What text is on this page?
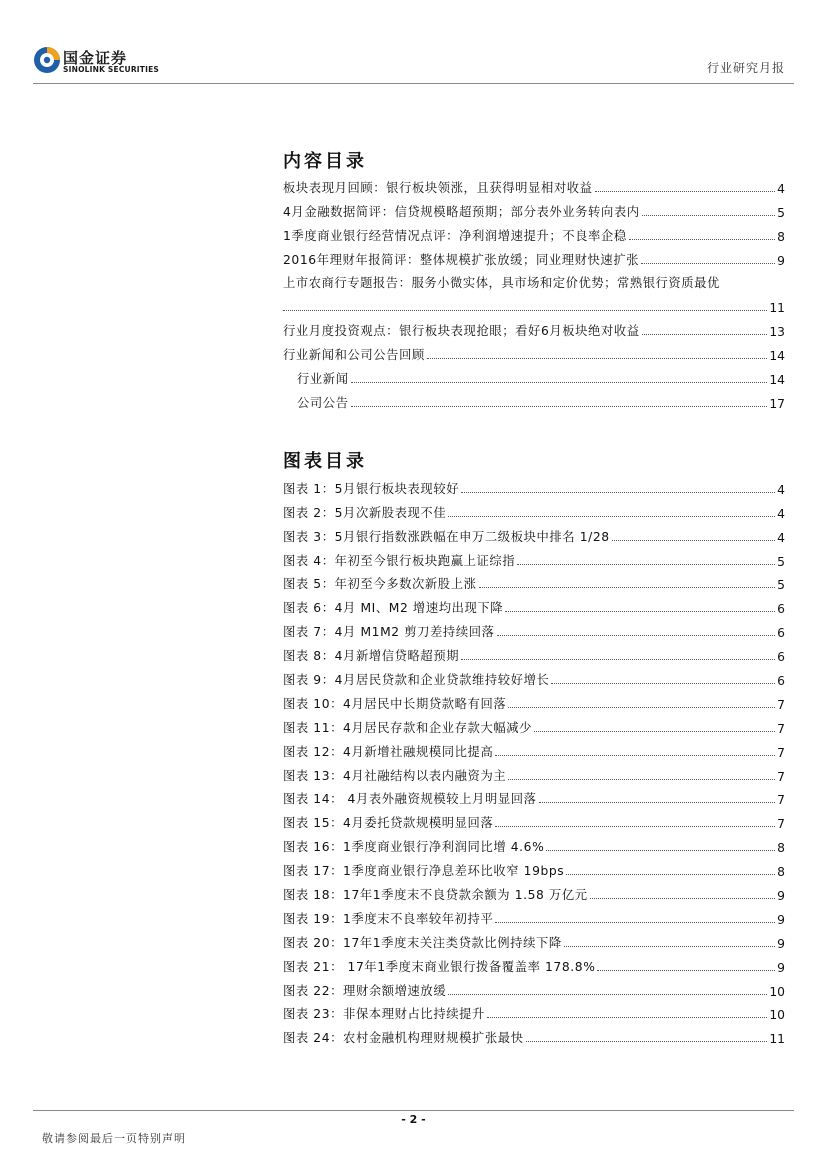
国金证券
SINOLINK SECURITIES	行业研究月报
内容目录
板块表现月回顾：银行板块领涨，且获得明显相对收益	4
4月金融数据简评：信贷规模略超预期；部分表外业务转向表内	5
1季度商业银行经营情况点评：净利润增速提升；不良率企稳	8
2016年理财年报简评：整体规模扩张放缓；同业理财快速扩张	9
上市农商行专题报告：服务小微实体，具市场和定价优势；常熟银行资质最优
11
行业月度投资观点：银行板块表现抢眼；看好6月板块绝对收益	13
行业新闻和公司公告回顾	14
行业新闻	14
公司公告	17
图表目录
图表 1：5月银行板块表现较好	4
图表 2：5月次新股表现不佳	4
图表 3：5月银行指数涨跌幅在申万二级板块中排名 1/28	4
图表 4：年初至今银行板块跑赢上证综指	5
图表 5：年初至今多数次新股上涨	5
图表 6：4月 MI、M2 增速均出现下降	6
图表 7：4月 M1M2 剪刀差持续回落	6
图表 8：4月新增信贷略超预期	6
图表 9：4月居民贷款和企业贷款维持较好增长	6
图表 10：4月居民中长期贷款略有回落	7
图表 11：4月居民存款和企业存款大幅减少	7
图表 12：4月新增社融规模同比提高	7
图表 13：4月社融结构以表内融资为主	7
图表 14： 4月表外融资规模较上月明显回落	7
图表 15：4月委托贷款规模明显回落	7
图表 16：1季度商业银行净利润同比增 4.6%	8
图表 17：1季度商业银行净息差环比收窄 19bps	8
图表 18：17年1季度末不良贷款余额为 1.58 万亿元	9
图表 19：1季度末不良率较年初持平	9
图表 20：17年1季度末关注类贷款比例持续下降	9
图表 21： 17年1季度末商业银行拨备覆盖率 178.8%	9
图表 22：理财余额增速放缓	10
图表 23：非保本理财占比持续提升	10
图表 24：农村金融机构理财规模扩张最快	11
- 2 -
敬请参阅最后一页特别声明
